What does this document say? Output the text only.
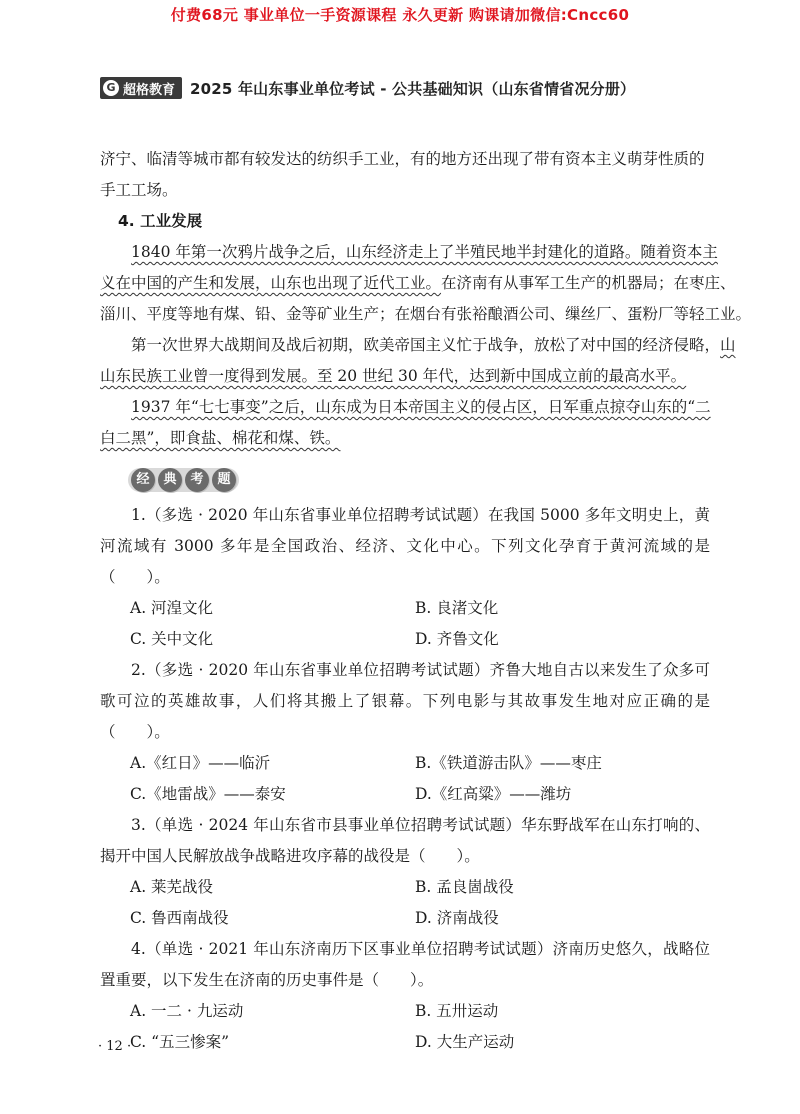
付费68元 事业单位一手资源课程 永久更新 购课请加微信:Cncc60
G 超格教育 2025 年山东事业单位考试 - 公共基础知识（山东省情省况分册）
济宁、临清等城市都有较发达的纺织手工业，有的地方还出现了带有资本主义萌芽性质的
手工工场。
4. 工业发展
1840 年第一次鸦片战争之后，山东经济走上了半殖民地半封建化的道路。随着资本主
义在中国的产生和发展，山东也出现了近代工业。在济南有从事军工生产的机器局；在枣庄、
淄川、平度等地有煤、铅、金等矿业生产；在烟台有张裕酿酒公司、缫丝厂、蛋粉厂等轻工业。
第一次世界大战期间及战后初期，欧美帝国主义忙于战争，放松了对中国的经济侵略，山
山东民族工业曾一度得到发展。至 20 世纪 30 年代，达到新中国成立前的最高水平。
1937 年“七七事变”之后，山东成为日本帝国主义的侵占区，日军重点掠夺山东的“二
白二黑”，即食盐、棉花和煤、铁。
经	典	考	题
1.（多选 · 2020 年山东省事业单位招聘考试试题）在我国 5000 多年文明史上，黄河流域有 3000 多年是全国政治、经济、文化中心。下列文化孕育于黄河流域的是（　　）。
A. 河湟文化	B. 良渚文化
C. 关中文化	D. 齐鲁文化
2.（多选 · 2020 年山东省事业单位招聘考试试题）齐鲁大地自古以来发生了众多可歌可泣的英雄故事，人们将其搬上了银幕。下列电影与其故事发生地对应正确的是（　　）。
A.《红日》——临沂	B.《铁道游击队》——枣庄
C.《地雷战》——泰安	D.《红高粱》——潍坊
3.（单选 · 2024 年山东省市县事业单位招聘考试试题）华东野战军在山东打响的、揭开中国人民解放战争战略进攻序幕的战役是（　　）。
A. 莱芜战役	B. 孟良崮战役
C. 鲁西南战役	D. 济南战役
4.（单选 · 2021 年山东济南历下区事业单位招聘考试试题）济南历史悠久，战略位置重要，以下发生在济南的历史事件是（　　）。
A. 一二 · 九运动	B. 五卅运动
C. “五三惨案”	D. 大生产运动
· 12 ·
